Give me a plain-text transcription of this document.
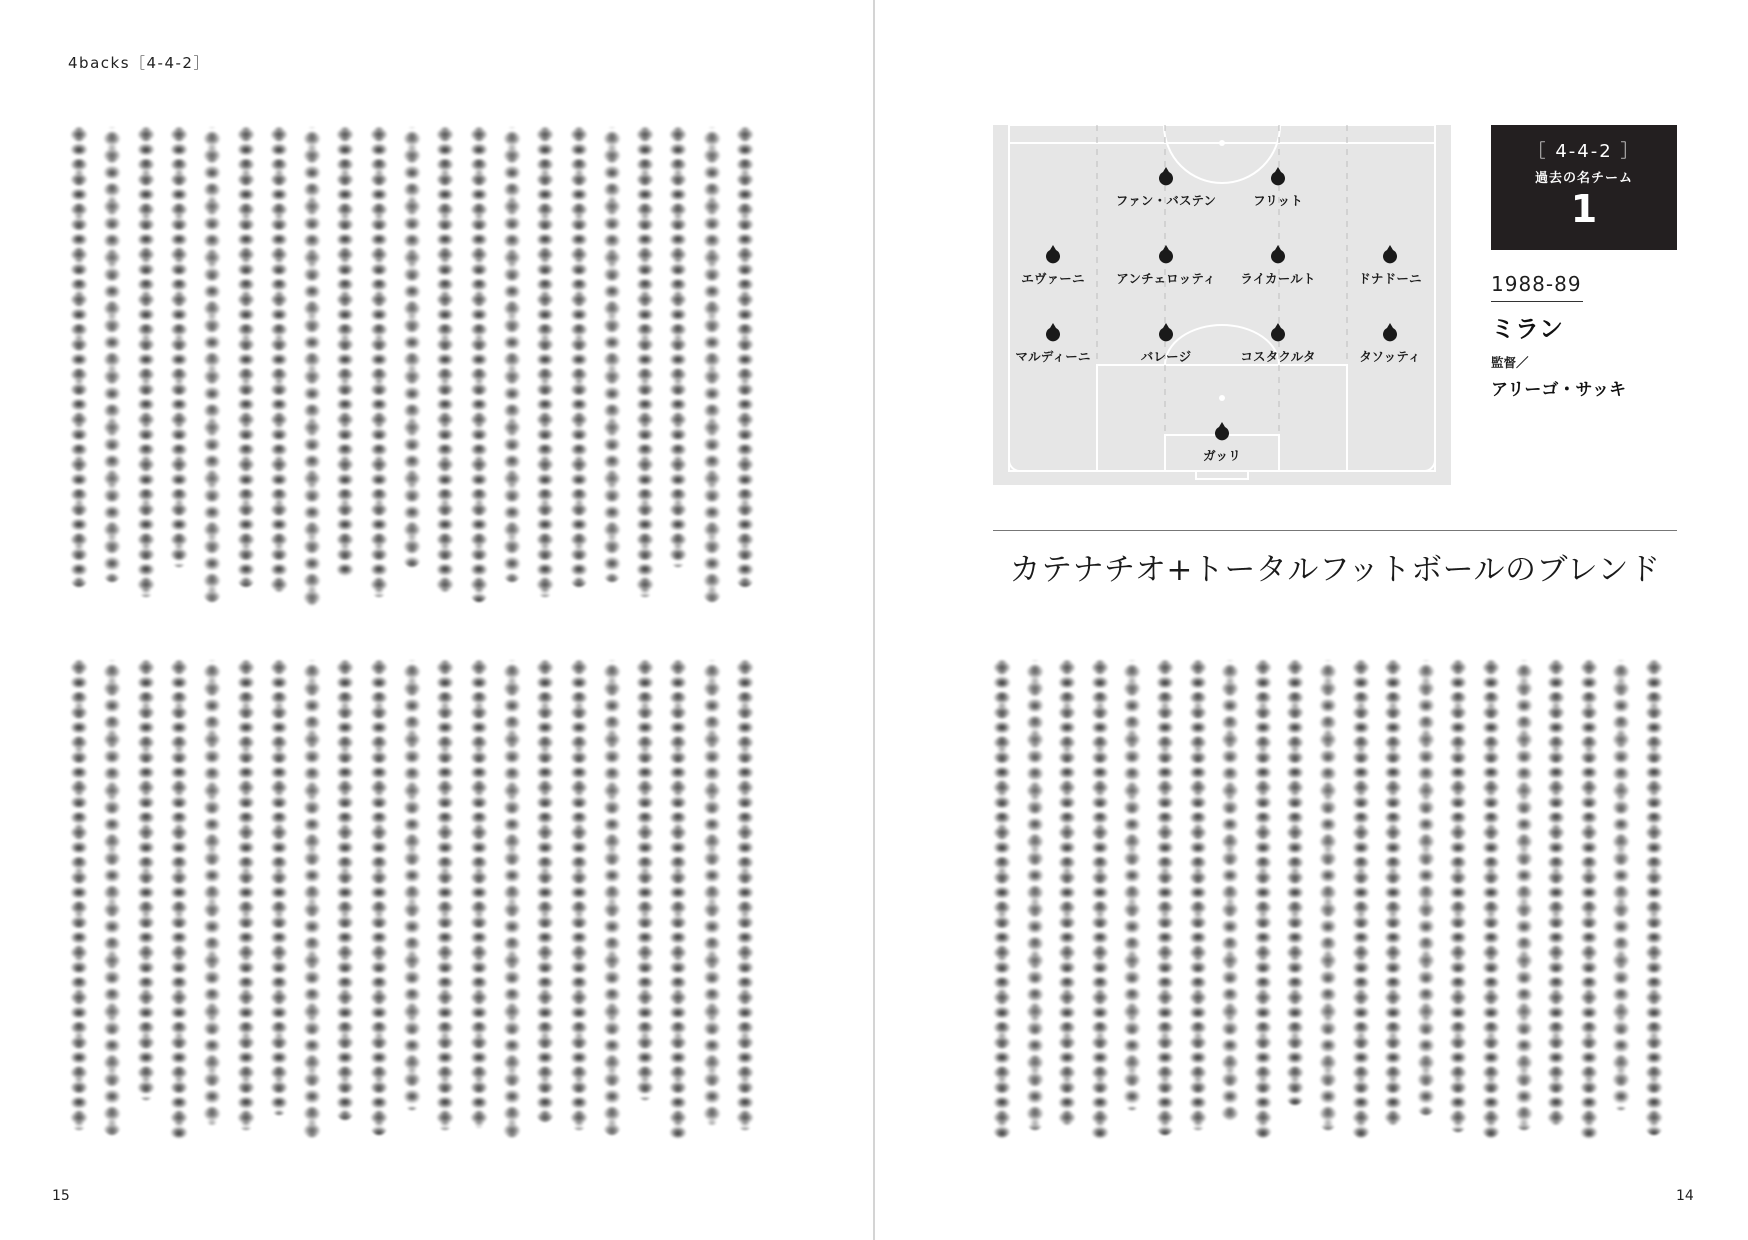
4backs［4-4-2］
15
ファン・バステン	フリット
エヴァーニ	アンチェロッティ	ライカールト	ドナドーニ
マルディーニ	バレージ	コスタクルタ	タソッティ
ガッリ
［ 4-4-2 ］
過去の名チーム
1
1988-89
ミラン
監督／
アリーゴ・サッキ
カテナチオ+トータルフットボールのブレンド
14
